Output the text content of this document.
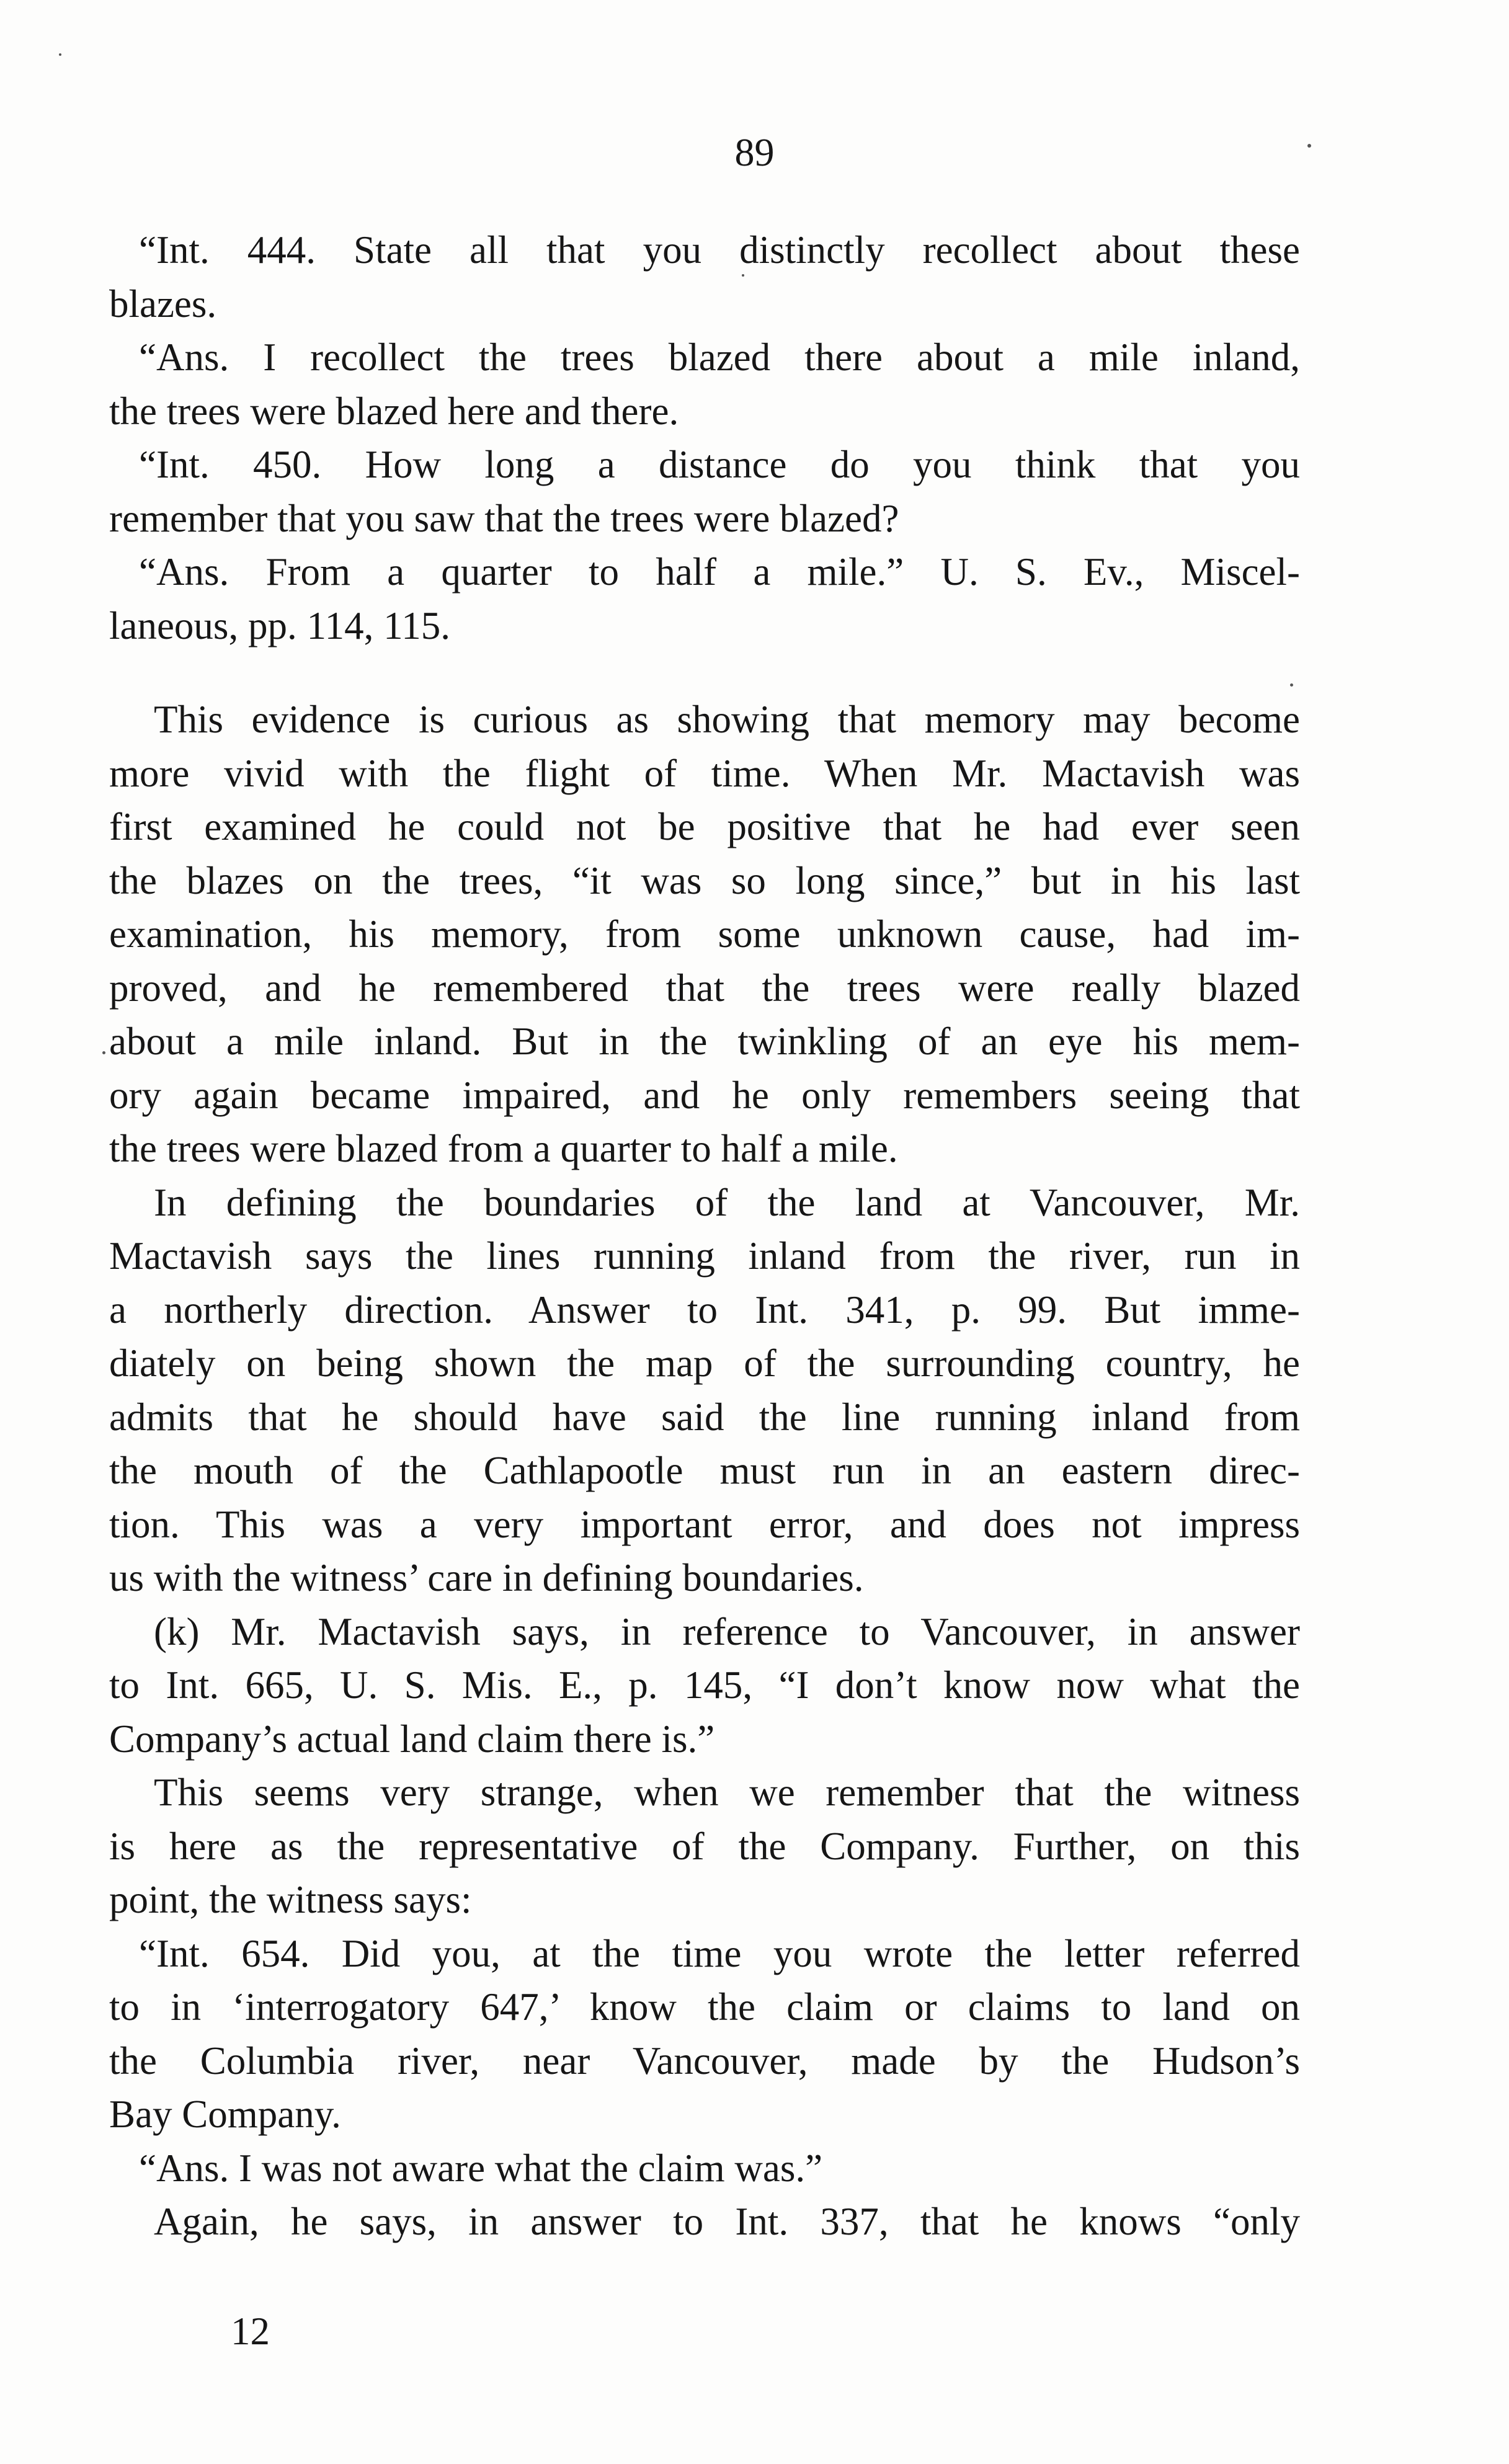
89
“Int. 444. State all that you distinctly recollect about these
blazes.
“Ans. I recollect the trees blazed there about a mile inland,
the trees were blazed here and there.
“Int. 450. How long a distance do you think that you
remember that you saw that the trees were blazed?
“Ans. From a quarter to half a mile.” U. S. Ev., Miscel-
laneous, pp. 114, 115.
This evidence is curious as showing that memory may become
more vivid with the flight of time. When Mr. Mactavish was
first examined he could not be positive that he had ever seen
the blazes on the trees, “it was so long since,” but in his last
examination, his memory, from some unknown cause, had im-
proved, and he remembered that the trees were really blazed
about a mile inland. But in the twinkling of an eye his mem-
ory again became impaired, and he only remembers seeing that
the trees were blazed from a quarter to half a mile.
In defining the boundaries of the land at Vancouver, Mr.
Mactavish says the lines running inland from the river, run in
a northerly direction. Answer to Int. 341, p. 99. But imme-
diately on being shown the map of the surrounding country, he
admits that he should have said the line running inland from
the mouth of the Cathlapootle must run in an eastern direc-
tion. This was a very important error, and does not impress
us with the witness’ care in defining boundaries.
(k) Mr. Mactavish says, in reference to Vancouver, in answer
to Int. 665, U. S. Mis. E., p. 145, “I don’t know now what the
Company’s actual land claim there is.”
This seems very strange, when we remember that the witness
is here as the representative of the Company. Further, on this
point, the witness says:
“Int. 654. Did you, at the time you wrote the letter referred
to in ‘interrogatory 647,’ know the claim or claims to land on
the Columbia river, near Vancouver, made by the Hudson’s
Bay Company.
“Ans. I was not aware what the claim was.”
Again, he says, in answer to Int. 337, that he knows “only
12
